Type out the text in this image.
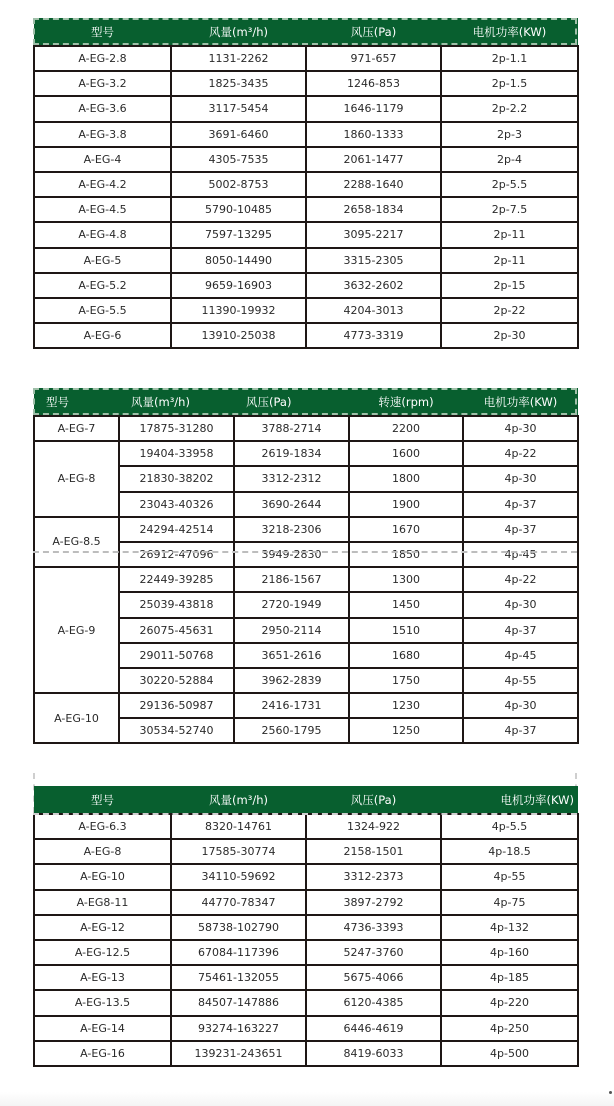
型号	风量(m³/h)	风压(Pa)	电机功率(KW)
A-EG-2.8	1131-2262	971-657	2p-1.1
A-EG-3.2	1825-3435	1246-853	2p-1.5
A-EG-3.6	3117-5454	1646-1179	2p-2.2
A-EG-3.8	3691-6460	1860-1333	2p-3
A-EG-4	4305-7535	2061-1477	2p-4
A-EG-4.2	5002-8753	2288-1640	2p-5.5
A-EG-4.5	5790-10485	2658-1834	2p-7.5
A-EG-4.8	7597-13295	3095-2217	2p-11
A-EG-5	8050-14490	3315-2305	2p-11
A-EG-5.2	9659-16903	3632-2602	2p-15
A-EG-5.5	11390-19932	4204-3013	2p-22
A-EG-6	13910-25038	4773-3319	2p-30
型号	风量(m³/h)	风压(Pa)	转速(rpm)	电机功率(KW)
A-EG-7	17875-31280	3788-2714	2200	4p-30
A-EG-8	19404-33958	2619-1834	1600	4p-22
	21830-38202	3312-2312	1800	4p-30
	23043-40326	3690-2644	1900	4p-37
A-EG-8.5	24294-42514	3218-2306	1670	4p-37
	26912-47096	3949-2830	1850	4p-45
A-EG-9	22449-39285	2186-1567	1300	4p-22
	25039-43818	2720-1949	1450	4p-30
	26075-45631	2950-2114	1510	4p-37
	29011-50768	3651-2616	1680	4p-45
	30220-52884	3962-2839	1750	4p-55
A-EG-10	29136-50987	2416-1731	1230	4p-30
	30534-52740	2560-1795	1250	4p-37
型号	风量(m³/h)	风压(Pa)	电机功率(KW)
A-EG-6.3	8320-14761	1324-922	4p-5.5
A-EG-8	17585-30774	2158-1501	4p-18.5
A-EG-10	34110-59692	3312-2373	4p-55
A-EG8-11	44770-78347	3897-2792	4p-75
A-EG-12	58738-102790	4736-3393	4p-132
A-EG-12.5	67084-117396	5247-3760	4p-160
A-EG-13	75461-132055	5675-4066	4p-185
A-EG-13.5	84507-147886	6120-4385	4p-220
A-EG-14	93274-163227	6446-4619	4p-250
A-EG-16	139231-243651	8419-6033	4p-500
